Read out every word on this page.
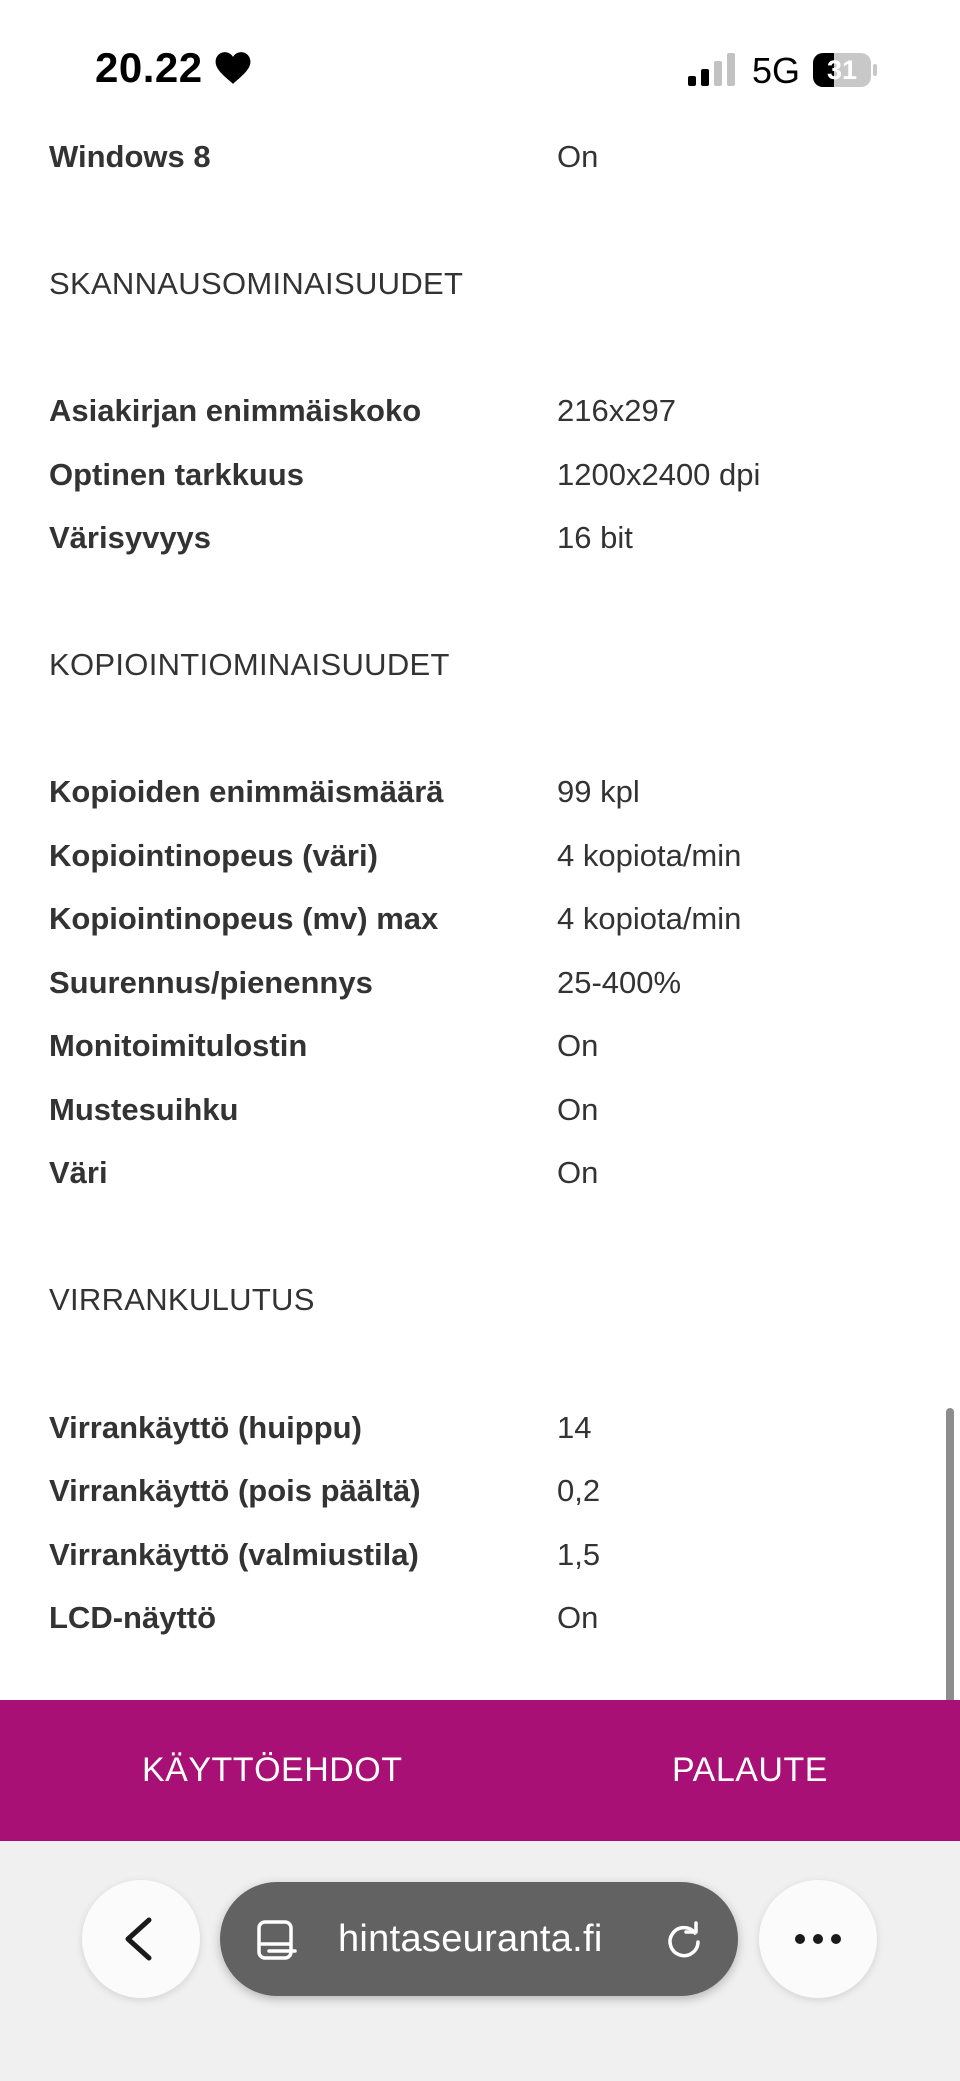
20.22	5G 31
Windows 8	On
SKANNAUSOMINAISUUDET
Asiakirjan enimmäiskoko	216x297
Optinen tarkkuus	1200x2400 dpi
Värisyvyys	16 bit
KOPIOINTIOMINAISUUDET
Kopioiden enimmäismäärä	99 kpl
Kopiointinopeus (väri)	4 kopiota/min
Kopiointinopeus (mv) max	4 kopiota/min
Suurennus/pienennys	25-400%
Monitoimitulostin	On
Mustesuihku	On
Väri	On
VIRRANKULUTUS
Virrankäyttö (huippu)	14
Virrankäyttö (pois päältä)	0,2
Virrankäyttö (valmiustila)	1,5
LCD-näyttö	On
KÄYTTÖEHDOT	PALAUTE
hintaseuranta.fi
